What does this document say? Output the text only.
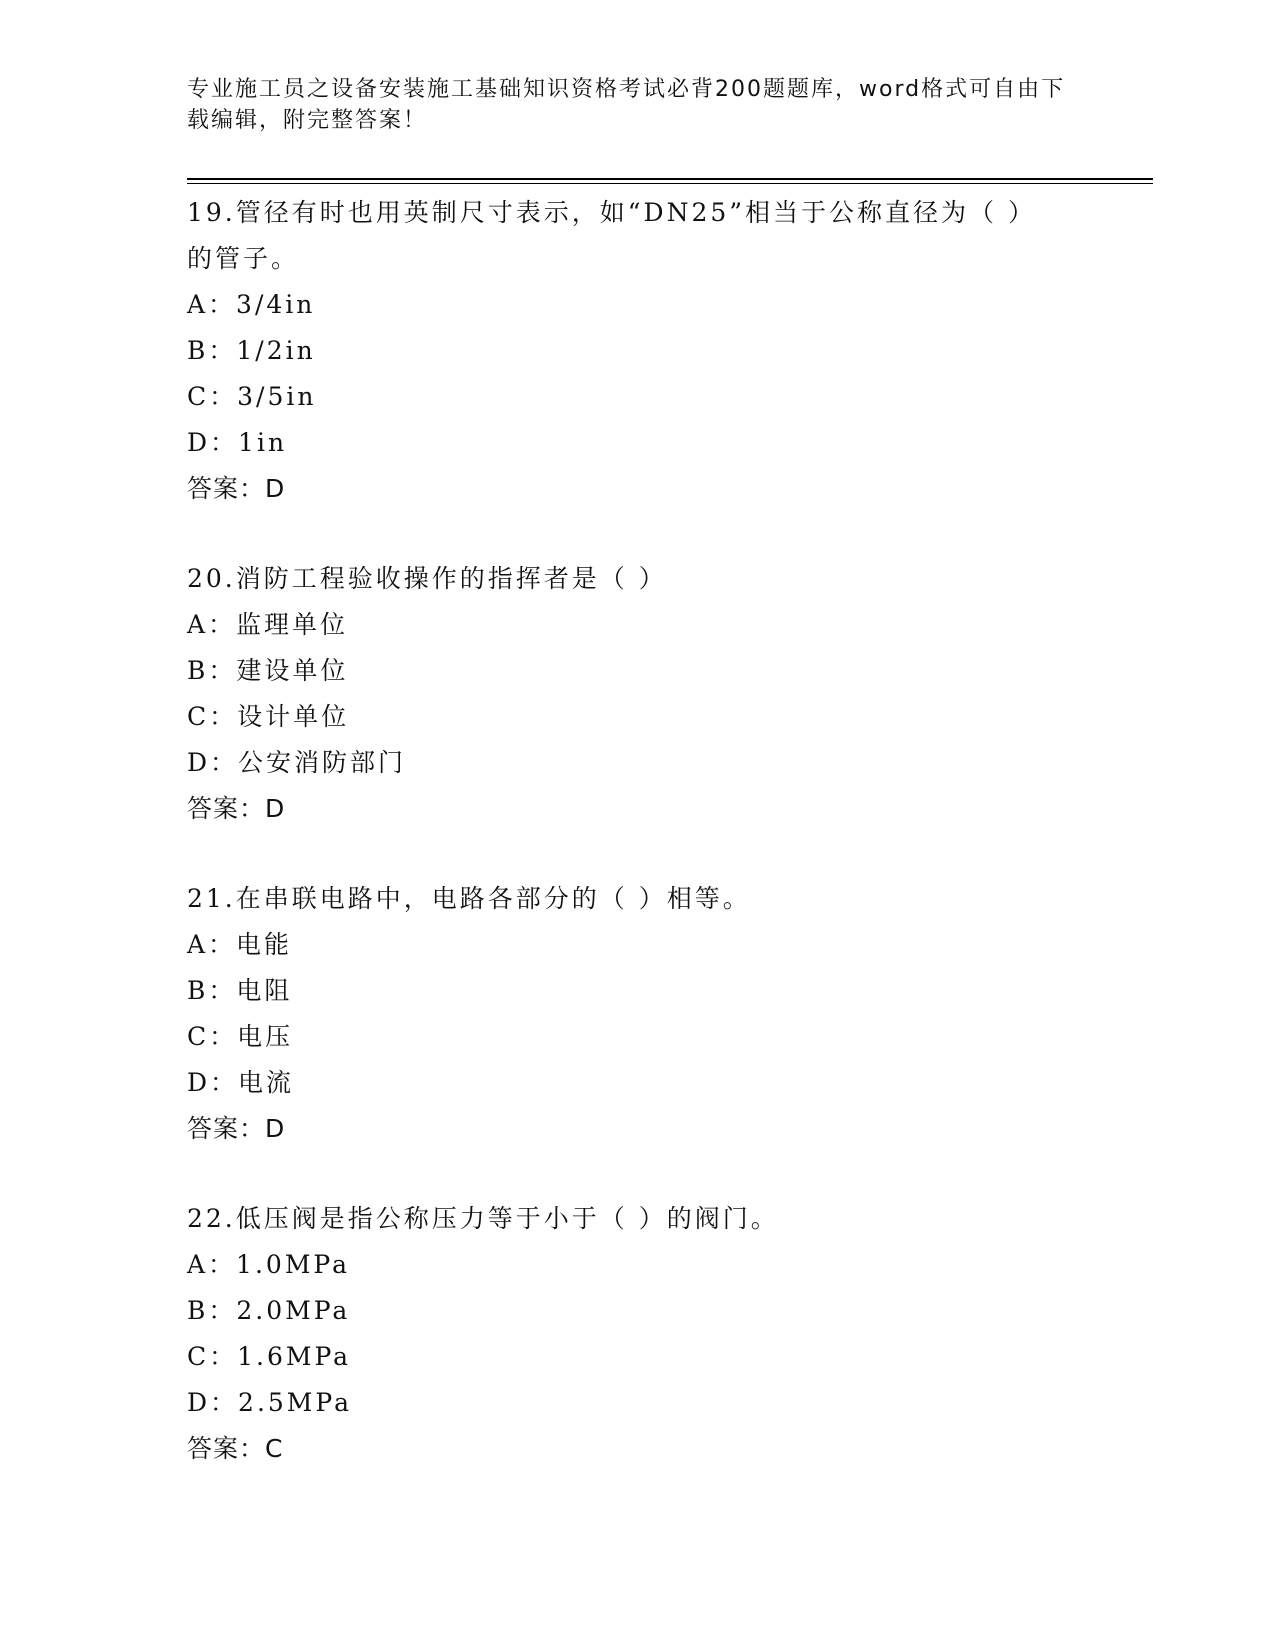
专业施工员之设备安装施工基础知识资格考试必背200题题库，word格式可自由下载编辑，附完整答案！
19.管径有时也用英制尺寸表示，如“DN25”相当于公称直径为（ ）的管子。
A：3/4in
B：1/2in
C：3/5in
D：1in
答案：D
20.消防工程验收操作的指挥者是（ ）
A：监理单位
B：建设单位
C：设计单位
D：公安消防部门
答案：D
21.在串联电路中，电路各部分的（ ）相等。
A：电能
B：电阻
C：电压
D：电流
答案：D
22.低压阀是指公称压力等于小于（ ）的阀门。
A：1.0MPa
B：2.0MPa
C：1.6MPa
D：2.5MPa
答案：C
